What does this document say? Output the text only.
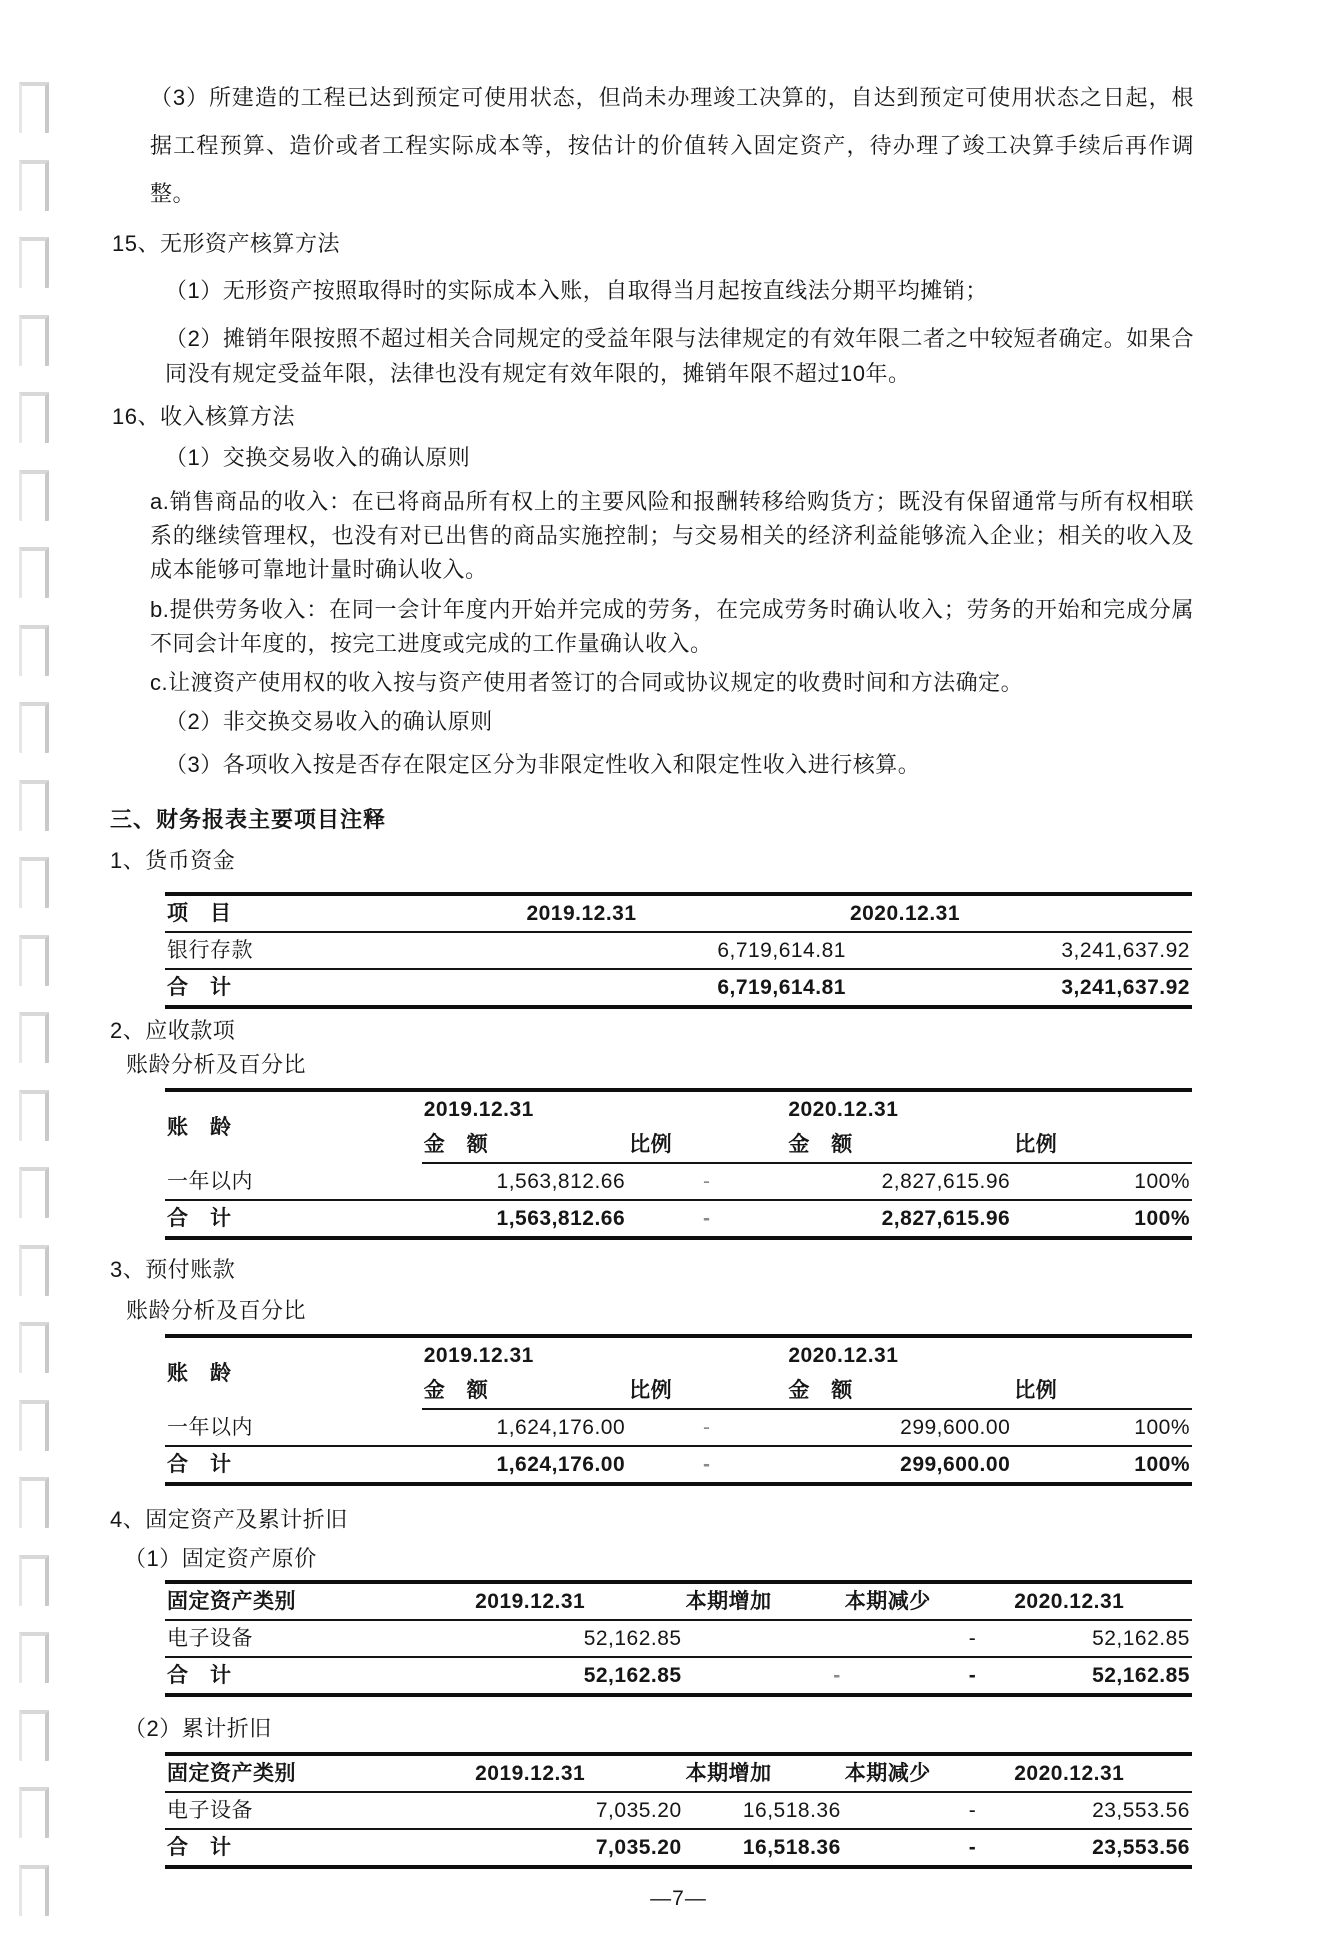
（3）所建造的工程已达到预定可使用状态，但尚未办理竣工决算的，自达到预定可使用状态之日起，根据工程预算、造价或者工程实际成本等，按估计的价值转入固定资产，待办理了竣工决算手续后再作调整。
15、无形资产核算方法
（1）无形资产按照取得时的实际成本入账，自取得当月起按直线法分期平均摊销；
（2）摊销年限按照不超过相关合同规定的受益年限与法律规定的有效年限二者之中较短者确定。如果合同没有规定受益年限，法律也没有规定有效年限的，摊销年限不超过10年。
16、收入核算方法
（1）交换交易收入的确认原则
a.销售商品的收入：在已将商品所有权上的主要风险和报酬转移给购货方；既没有保留通常与所有权相联系的继续管理权，也没有对已出售的商品实施控制；与交易相关的经济利益能够流入企业；相关的收入及成本能够可靠地计量时确认收入。
b.提供劳务收入：在同一会计年度内开始并完成的劳务，在完成劳务时确认收入；劳务的开始和完成分属不同会计年度的，按完工进度或完成的工作量确认收入。
c.让渡资产使用权的收入按与资产使用者签订的合同或协议规定的收费时间和方法确定。
（2）非交换交易收入的确认原则
（3）各项收入按是否存在限定区分为非限定性收入和限定性收入进行核算。
三、财务报表主要项目注释
1、货币资金
项　目	2019.12.31	2020.12.31
银行存款	6,719,614.81	3,241,637.92
合　计	6,719,614.81	3,241,637.92
2、应收款项
账龄分析及百分比
账　龄	2019.12.31		2020.12.31	
	金　额	比例	金　额	比例
一年以内	1,563,812.66	-	2,827,615.96	100%
合　计	1,563,812.66	-	2,827,615.96	100%
3、预付账款
账龄分析及百分比
账　龄	2019.12.31		2020.12.31	
	金　额	比例	金　额	比例
一年以内	1,624,176.00	-	299,600.00	100%
合　计	1,624,176.00	-	299,600.00	100%
4、固定资产及累计折旧
（1）固定资产原价
固定资产类别	2019.12.31	本期增加	本期减少	2020.12.31
电子设备	52,162.85		-	52,162.85
合　计	52,162.85	-	-	52,162.85
（2）累计折旧
固定资产类别	2019.12.31	本期增加	本期减少	2020.12.31
电子设备	7,035.20	16,518.36	-	23,553.56
合　计	7,035.20	16,518.36	-	23,553.56
—7—
